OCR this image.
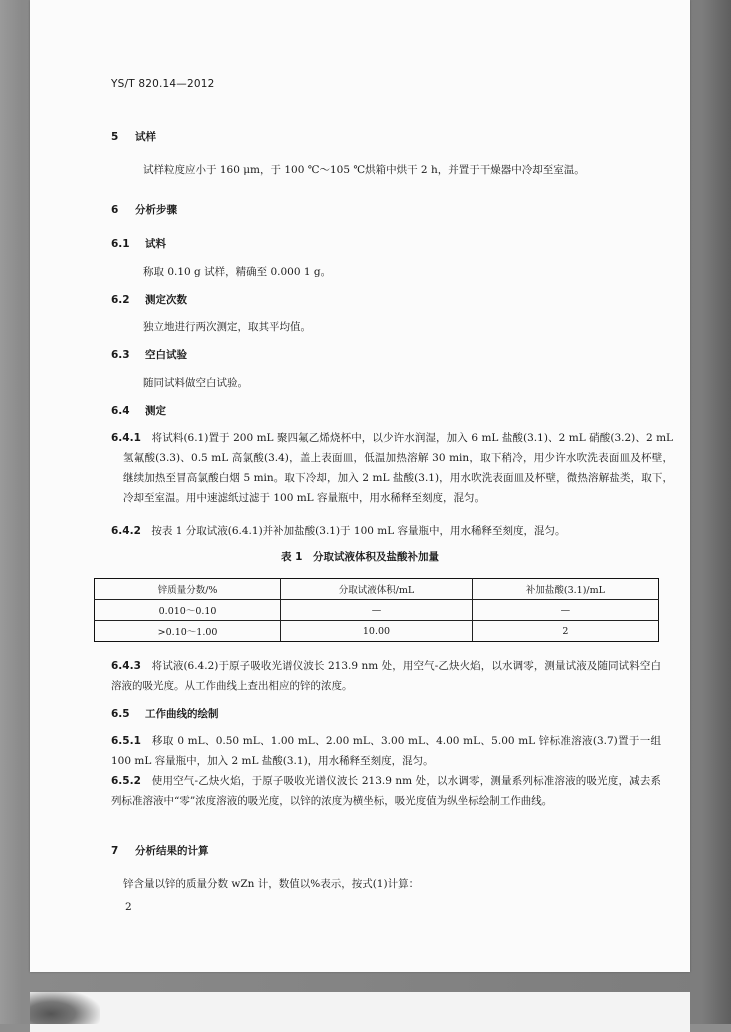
YS/T 820.14—2012
5 试样
试样粒度应小于 160 μm，于 100 ℃～105 ℃烘箱中烘干 2 h，并置于干燥器中冷却至室温。
6 分析步骤
6.1 试料
称取 0.10 g 试样，精确至 0.000 1 g。
6.2 测定次数
独立地进行两次测定，取其平均值。
6.3 空白试验
随同试料做空白试验。
6.4 测定
6.4.1　 将试料(6.1)置于 200 mL 聚四氟乙烯烧杯中，以少许水润湿，加入 6 mL 盐酸(3.1)、2 mL 硝酸(3.2)、2 mL 氢氟酸(3.3)、0.5 mL 高氯酸(3.4)，盖上表面皿，低温加热溶解 30 min，取下稍冷，用少许水吹洗表面皿及杯壁，继续加热至冒高氯酸白烟 5 min。取下冷却，加入 2 mL 盐酸(3.1)，用水吹洗表面皿及杯壁，微热溶解盐类，取下，冷却至室温。用中速滤纸过滤于 100 mL 容量瓶中，用水稀释至刻度，混匀。
6.4.2　 按表 1 分取试液(6.4.1)并补加盐酸(3.1)于 100 mL 容量瓶中，用水稀释至刻度，混匀。
表 1　分取试液体积及盐酸补加量
锌质量分数/%	分取试液体积/mL	补加盐酸(3.1)/mL
0.010～0.10	—	—
>0.10～1.00	10.00	2
6.4.3　 将试液(6.4.2)于原子吸收光谱仪波长 213.9 nm 处，用空气-乙炔火焰，以水调零，测量试液及随同试料空白溶液的吸光度。从工作曲线上查出相应的锌的浓度。
6.5 工作曲线的绘制
6.5.1　 移取 0 mL、0.50 mL、1.00 mL、2.00 mL、3.00 mL、4.00 mL、5.00 mL 锌标准溶液(3.7)置于一组 100 mL 容量瓶中，加入 2 mL 盐酸(3.1)，用水稀释至刻度，混匀。
6.5.2　 使用空气-乙炔火焰，于原子吸收光谱仪波长 213.9 nm 处，以水调零，测量系列标准溶液的吸光度，减去系列标准溶液中“零”浓度溶液的吸光度，以锌的浓度为横坐标，吸光度值为纵坐标绘制工作曲线。
7 分析结果的计算
锌含量以锌的质量分数 wZn 计，数值以%表示，按式(1)计算：
2
